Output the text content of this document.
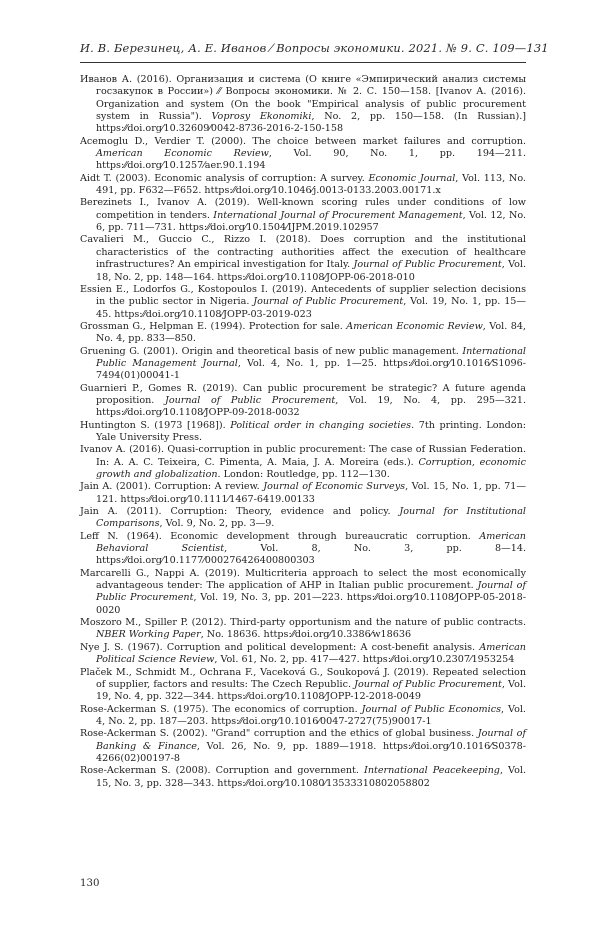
И. В. Березинец, А. Е. Иванов ⁄ Вопросы экономики. 2021. № 9. С. 109—131

Иванов А. (2016). Организация и система (О книге «Эмпирический анализ системы госзакупок в России») ⁄⁄ Вопросы экономики. № 2. С. 150—158. [Ivanov A. (2016). Organization and system (On the book "Empirical analysis of public procurement system in Russia"). Voprosy Ekonomiki, No. 2, pp. 150—158. (In Russian).] https:⁄⁄doi.org⁄10.32609⁄0042-8736-2016-2-150-158

Acemoglu D., Verdier T. (2000). The choice between market failures and corruption. American Economic Review, Vol. 90, No. 1, pp. 194—211. https:⁄⁄doi.org⁄10.1257⁄aer.90.1.194

Aidt T. (2003). Economic analysis of corruption: A survey. Economic Journal, Vol. 113, No. 491, pp. F632—F652. https:⁄⁄doi.org⁄10.1046⁄j.0013-0133.2003.00171.x

Berezinets I., Ivanov A. (2019). Well-known scoring rules under conditions of low competition in tenders. International Journal of Procurement Management, Vol. 12, No. 6, pp. 711—731. https:⁄⁄doi.org⁄10.1504⁄IJPM.2019.102957

Cavalieri M., Guccio C., Rizzo I. (2018). Does corruption and the institutional characteristics of the contracting authorities affect the execution of healthcare infrastructures? An empirical investigation for Italy. Journal of Public Procurement, Vol. 18, No. 2, pp. 148—164. https:⁄⁄doi.org⁄10.1108⁄JOPP-06-2018-010

Essien E., Lodorfos G., Kostopoulos I. (2019). Antecedents of supplier selection decisions in the public sector in Nigeria. Journal of Public Procurement, Vol. 19, No. 1, pp. 15—45. https:⁄⁄doi.org⁄10.1108⁄JOPP-03-2019-023

Grossman G., Helpman E. (1994). Protection for sale. American Economic Review, Vol. 84, No. 4, pp. 833—850.

Gruening G. (2001). Origin and theoretical basis of new public management. International Public Management Journal, Vol. 4, No. 1, pp. 1—25. https:⁄⁄doi.org⁄10.1016⁄S1096-7494(01)00041-1

Guarnieri P., Gomes R. (2019). Can public procurement be strategic? A future agenda proposition. Journal of Public Procurement, Vol. 19, No. 4, pp. 295—321. https:⁄⁄doi.org⁄10.1108⁄JOPP-09-2018-0032

Huntington S. (1973 [1968]). Political order in changing societies. 7th printing. London: Yale University Press.

Ivanov A. (2016). Quasi-corruption in public procurement: The case of Russian Federation. In: A. A. C. Teixeira, C. Pimenta, A. Maia, J. A. Moreira (eds.). Corruption, economic growth and globalization. London: Routledge, pp. 112—130.

Jain A. (2001). Corruption: A review. Journal of Economic Surveys, Vol. 15, No. 1, pp. 71—121. https:⁄⁄doi.org⁄10.1111⁄1467-6419.00133

Jain A. (2011). Corruption: Theory, evidence and policy. Journal for Institutional Comparisons, Vol. 9, No. 2, pp. 3—9.

Leff N. (1964). Economic development through bureaucratic corruption. American Behavioral Scientist, Vol. 8, No. 3, pp. 8—14. https:⁄⁄doi.org⁄10.1177⁄000276426400800303

Marcarelli G., Nappi A. (2019). Multicriteria approach to select the most economically advantageous tender: The application of AHP in Italian public procurement. Journal of Public Procurement, Vol. 19, No. 3, pp. 201—223. https:⁄⁄doi.org⁄10.1108⁄JOPP-05-2018-0020

Moszoro M., Spiller P. (2012). Third-party opportunism and the nature of public contracts. NBER Working Paper, No. 18636. https:⁄⁄doi.org⁄10.3386⁄w18636

Nye J. S. (1967). Corruption and political development: A cost-benefit analysis. American Political Science Review, Vol. 61, No. 2, pp. 417—427. https:⁄⁄doi.org⁄10.2307⁄1953254

Plaček M., Schmidt M., Ochrana F., Vaceková G., Soukopová J. (2019). Repeated selection of supplier, factors and results: The Czech Republic. Journal of Public Procurement, Vol. 19, No. 4, pp. 322—344. https:⁄⁄doi.org⁄10.1108⁄JOPP-12-2018-0049

Rose-Ackerman S. (1975). The economics of corruption. Journal of Public Economics, Vol. 4, No. 2, pp. 187—203. https:⁄⁄doi.org⁄10.1016⁄0047-2727(75)90017-1

Rose-Ackerman S. (2002). "Grand" corruption and the ethics of global business. Journal of Banking & Finance, Vol. 26, No. 9, pp. 1889—1918. https:⁄⁄doi.org⁄10.1016⁄S0378-4266(02)00197-8

Rose-Ackerman S. (2008). Corruption and government. International Peacekeeping, Vol. 15, No. 3, pp. 328—343. https:⁄⁄doi.org⁄10.1080⁄13533310802058802

130
